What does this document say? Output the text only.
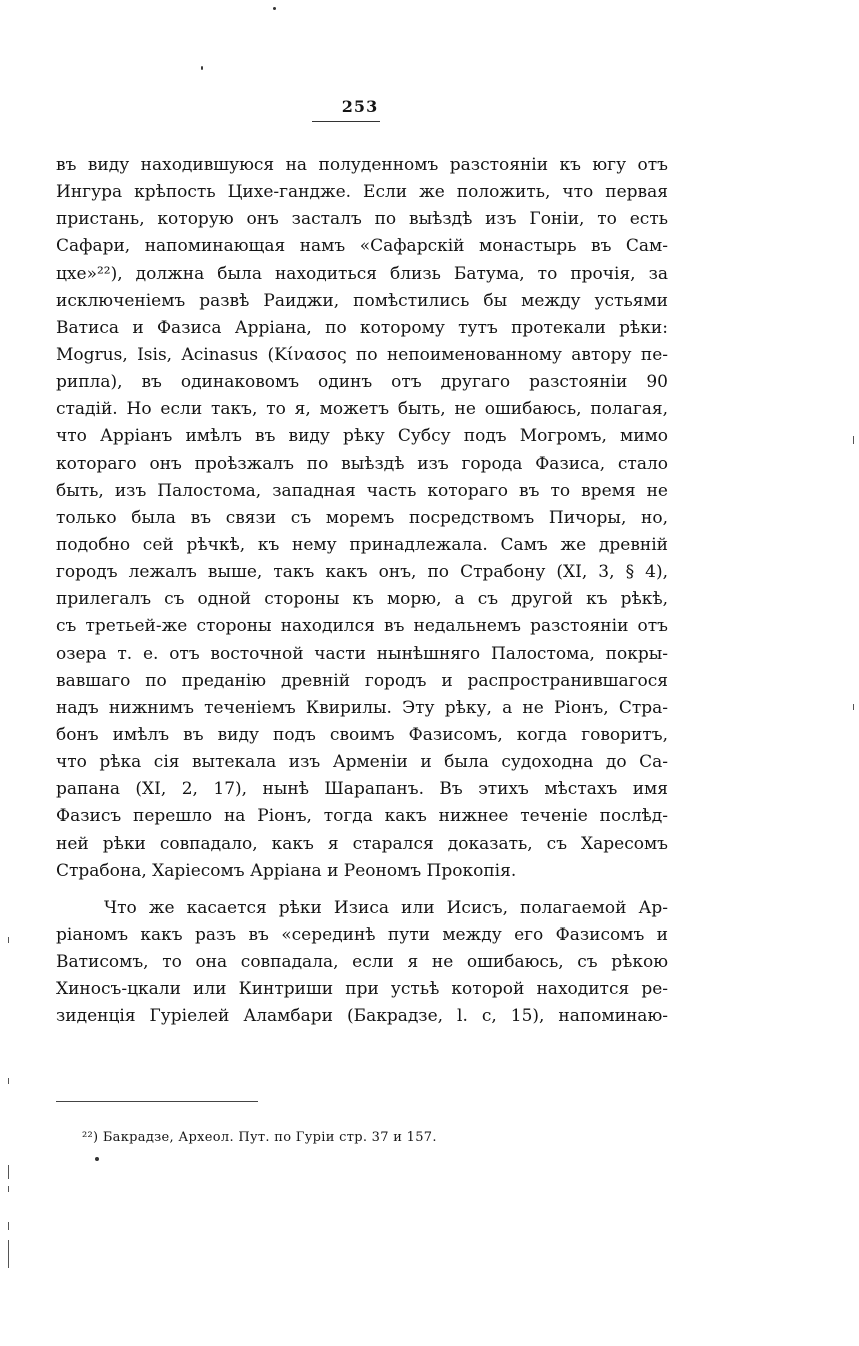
253
въ виду находившуюся на полуденномъ разстояніи къ югу отъ
Ингура крѣпость Цихе-гандже. Если же положить, что первая
пристань, которую онъ засталъ по выѣздѣ изъ Гоніи, то есть
Сафари, напоминающая намъ «Сафарскій монастырь въ Сам-
цхе»²²), должна была находиться близь Батума, то прочія, за
исключеніемъ развѣ Раиджи, помѣстились бы между устьями
Ватиса и Фазиса Арріана, по которому тутъ протекали рѣки:
Mogrus, Isis, Acinasus (Κίνασος по непоименованному автору пе-
рипла), въ одинаковомъ одинъ отъ другаго разстояніи 90
стадій. Но если такъ, то я, можетъ быть, не ошибаюсь, полагая,
что Арріанъ имѣлъ въ виду рѣку Субсу подъ Могромъ, мимо
котораго онъ проѣзжалъ по выѣздѣ изъ города Фазиса, стало
быть, изъ Палостома, западная часть котораго въ то время не
только была въ связи съ моремъ посредствомъ Пичоры, но,
подобно сей рѣчкѣ, къ нему принадлежала. Самъ же древній
городъ лежалъ выше, такъ какъ онъ, по Страбону (XI, 3, § 4),
прилегалъ съ одной стороны къ морю, а съ другой къ рѣкѣ,
съ третьей-же стороны находился въ недальнемъ разстояніи отъ
озера т. е. отъ восточной части нынѣшняго Палостома, покры-
вавшаго по преданію древній городъ и распространившагося
надъ нижнимъ теченіемъ Квирилы. Эту рѣку, а не Ріонъ, Стра-
бонъ имѣлъ въ виду подъ своимъ Фазисомъ, когда говоритъ,
что рѣка сія вытекала изъ Арменіи и была судоходна до Са-
рапана (XI, 2, 17), нынѣ Шарапанъ. Въ этихъ мѣстахъ имя
Фазисъ перешло на Ріонъ, тогда какъ нижнее теченіе послѣд-
ней рѣки совпадало, какъ я старался доказать, съ Харесомъ
Страбона, Харіесомъ Арріана и Реономъ Прокопія.
Что же касается рѣки Изиса или Исисъ, полагаемой Ар-
ріаномъ какъ разъ въ «серединѣ пути между его Фазисомъ и
Ватисомъ, то она совпадала, если я не ошибаюсь, съ рѣкою
Хиносъ-цкали или Кинтриши при устьѣ которой находится ре-
зиденція Гуріелей Аламбари (Бакрадзе, l. с, 15), напоминаю-
²²) Бакрадзе, Археол. Пут. по Гуріи стр. 37 и 157.
